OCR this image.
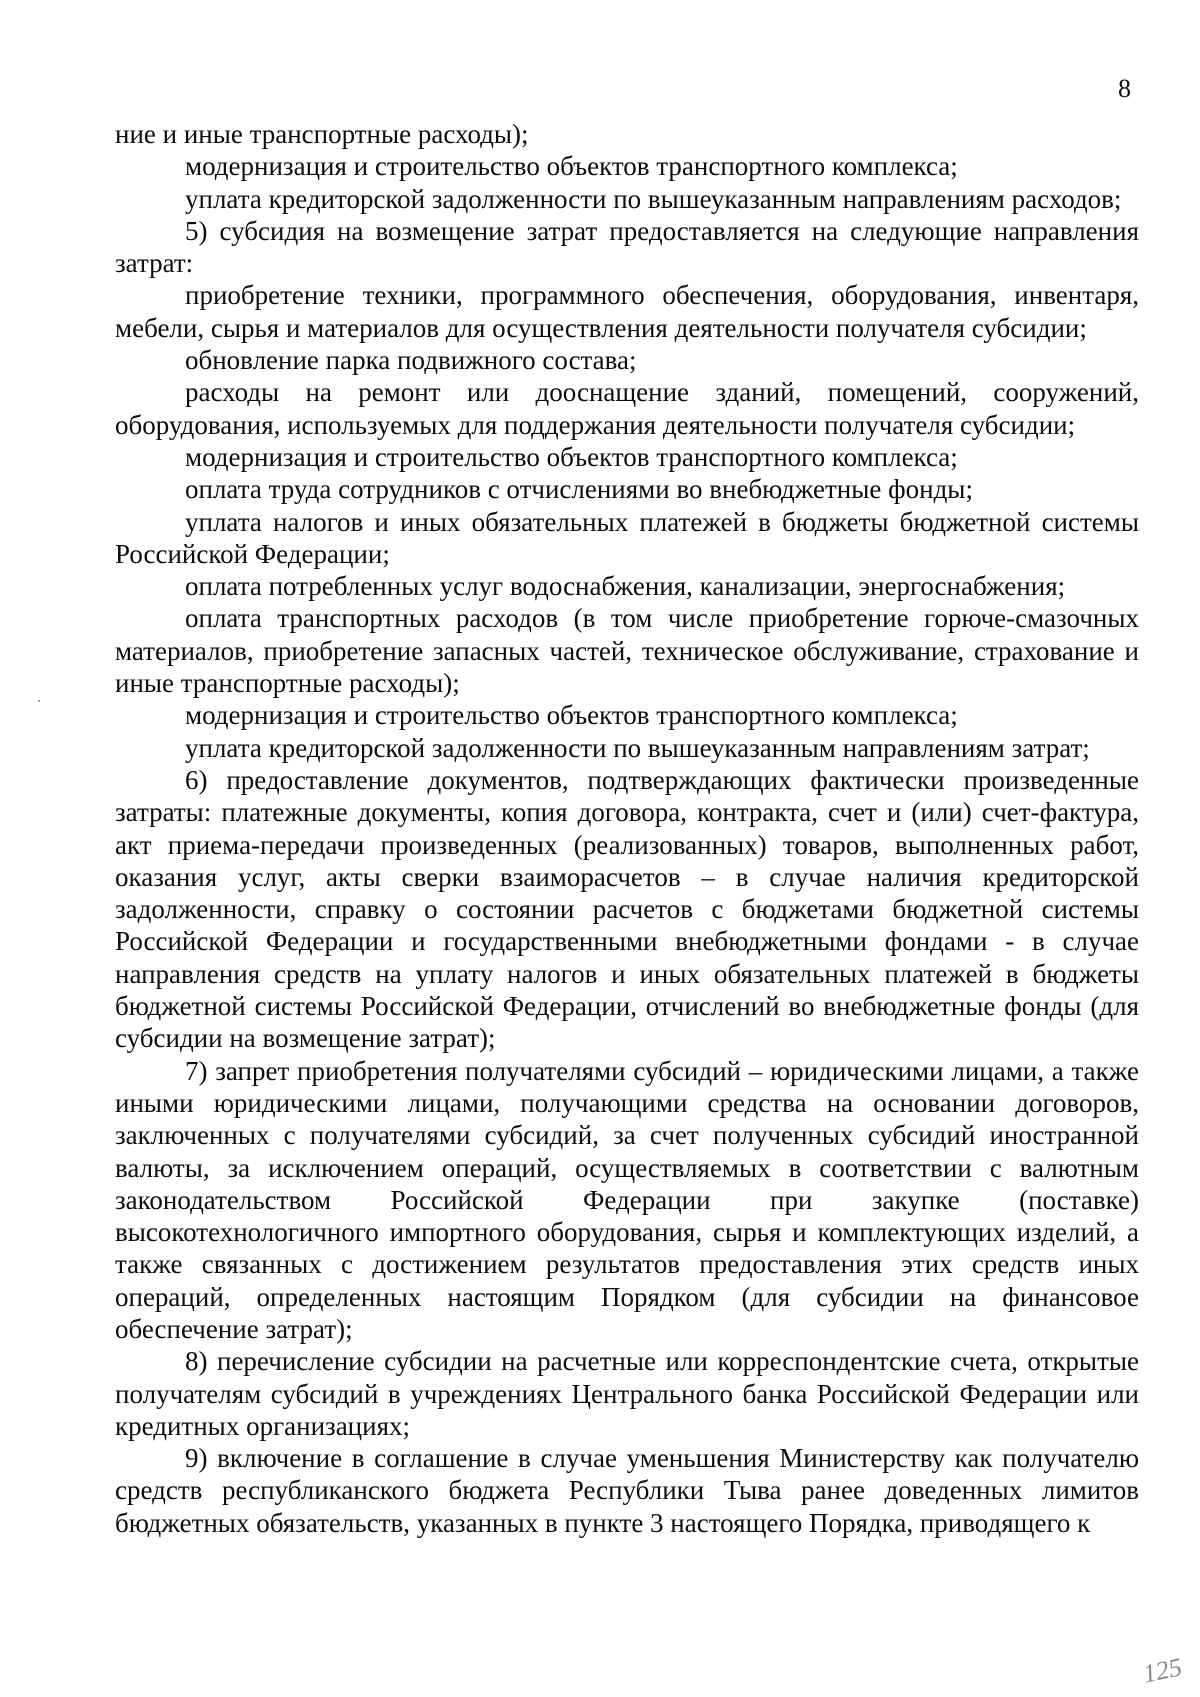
8

ние и иные транспортные расходы);

модернизация и строительство объектов транспортного комплекса;

уплата кредиторской задолженности по вышеуказанным направлениям расходов;

5) субсидия на возмещение затрат предоставляется на следующие направления затрат:

приобретение техники, программного обеспечения, оборудования, инвентаря, мебели, сырья и материалов для осуществления деятельности получателя субсидии;

обновление парка подвижного состава;

расходы на ремонт или дооснащение зданий, помещений, сооружений, оборудования, используемых для поддержания деятельности получателя субсидии;

модернизация и строительство объектов транспортного комплекса;

оплата труда сотрудников с отчислениями во внебюджетные фонды;

уплата налогов и иных обязательных платежей в бюджеты бюджетной системы Российской Федерации;

оплата потребленных услуг водоснабжения, канализации, энергоснабжения;

оплата транспортных расходов (в том числе приобретение горюче-смазочных материалов, приобретение запасных частей, техническое обслуживание, страхование и иные транспортные расходы);

модернизация и строительство объектов транспортного комплекса;

уплата кредиторской задолженности по вышеуказанным направлениям затрат;

6) предоставление документов, подтверждающих фактически произведенные затраты: платежные документы, копия договора, контракта, счет и (или) счет-фактура, акт приема-передачи произведенных (реализованных) товаров, выполненных работ, оказания услуг, акты сверки взаиморасчетов – в случае наличия кредиторской задолженности, справку о состоянии расчетов с бюджетами бюджетной системы Российской Федерации и государственными внебюджетными фондами - в случае направления средств на уплату налогов и иных обязательных платежей в бюджеты бюджетной системы Российской Федерации, отчислений во внебюджетные фонды (для субсидии на возмещение затрат);

7) запрет приобретения получателями субсидий – юридическими лицами, а также иными юридическими лицами, получающими средства на основании договоров, заключенных с получателями субсидий, за счет полученных субсидий иностранной валюты, за исключением операций, осуществляемых в соответствии с валютным законодательством Российской Федерации при закупке (поставке) высокотехнологичного импортного оборудования, сырья и комплектующих изделий, а также связанных с достижением результатов предоставления этих средств иных операций, определенных настоящим Порядком (для субсидии на финансовое обеспечение затрат);

8) перечисление субсидии на расчетные или корреспондентские счета, открытые получателям субсидий в учреждениях Центрального банка Российской Федерации или кредитных организациях;

9) включение в соглашение в случае уменьшения Министерству как получателю средств республиканского бюджета Республики Тыва ранее доведенных лимитов бюджетных обязательств, указанных в пункте 3 настоящего Порядка, приводящего к

125
